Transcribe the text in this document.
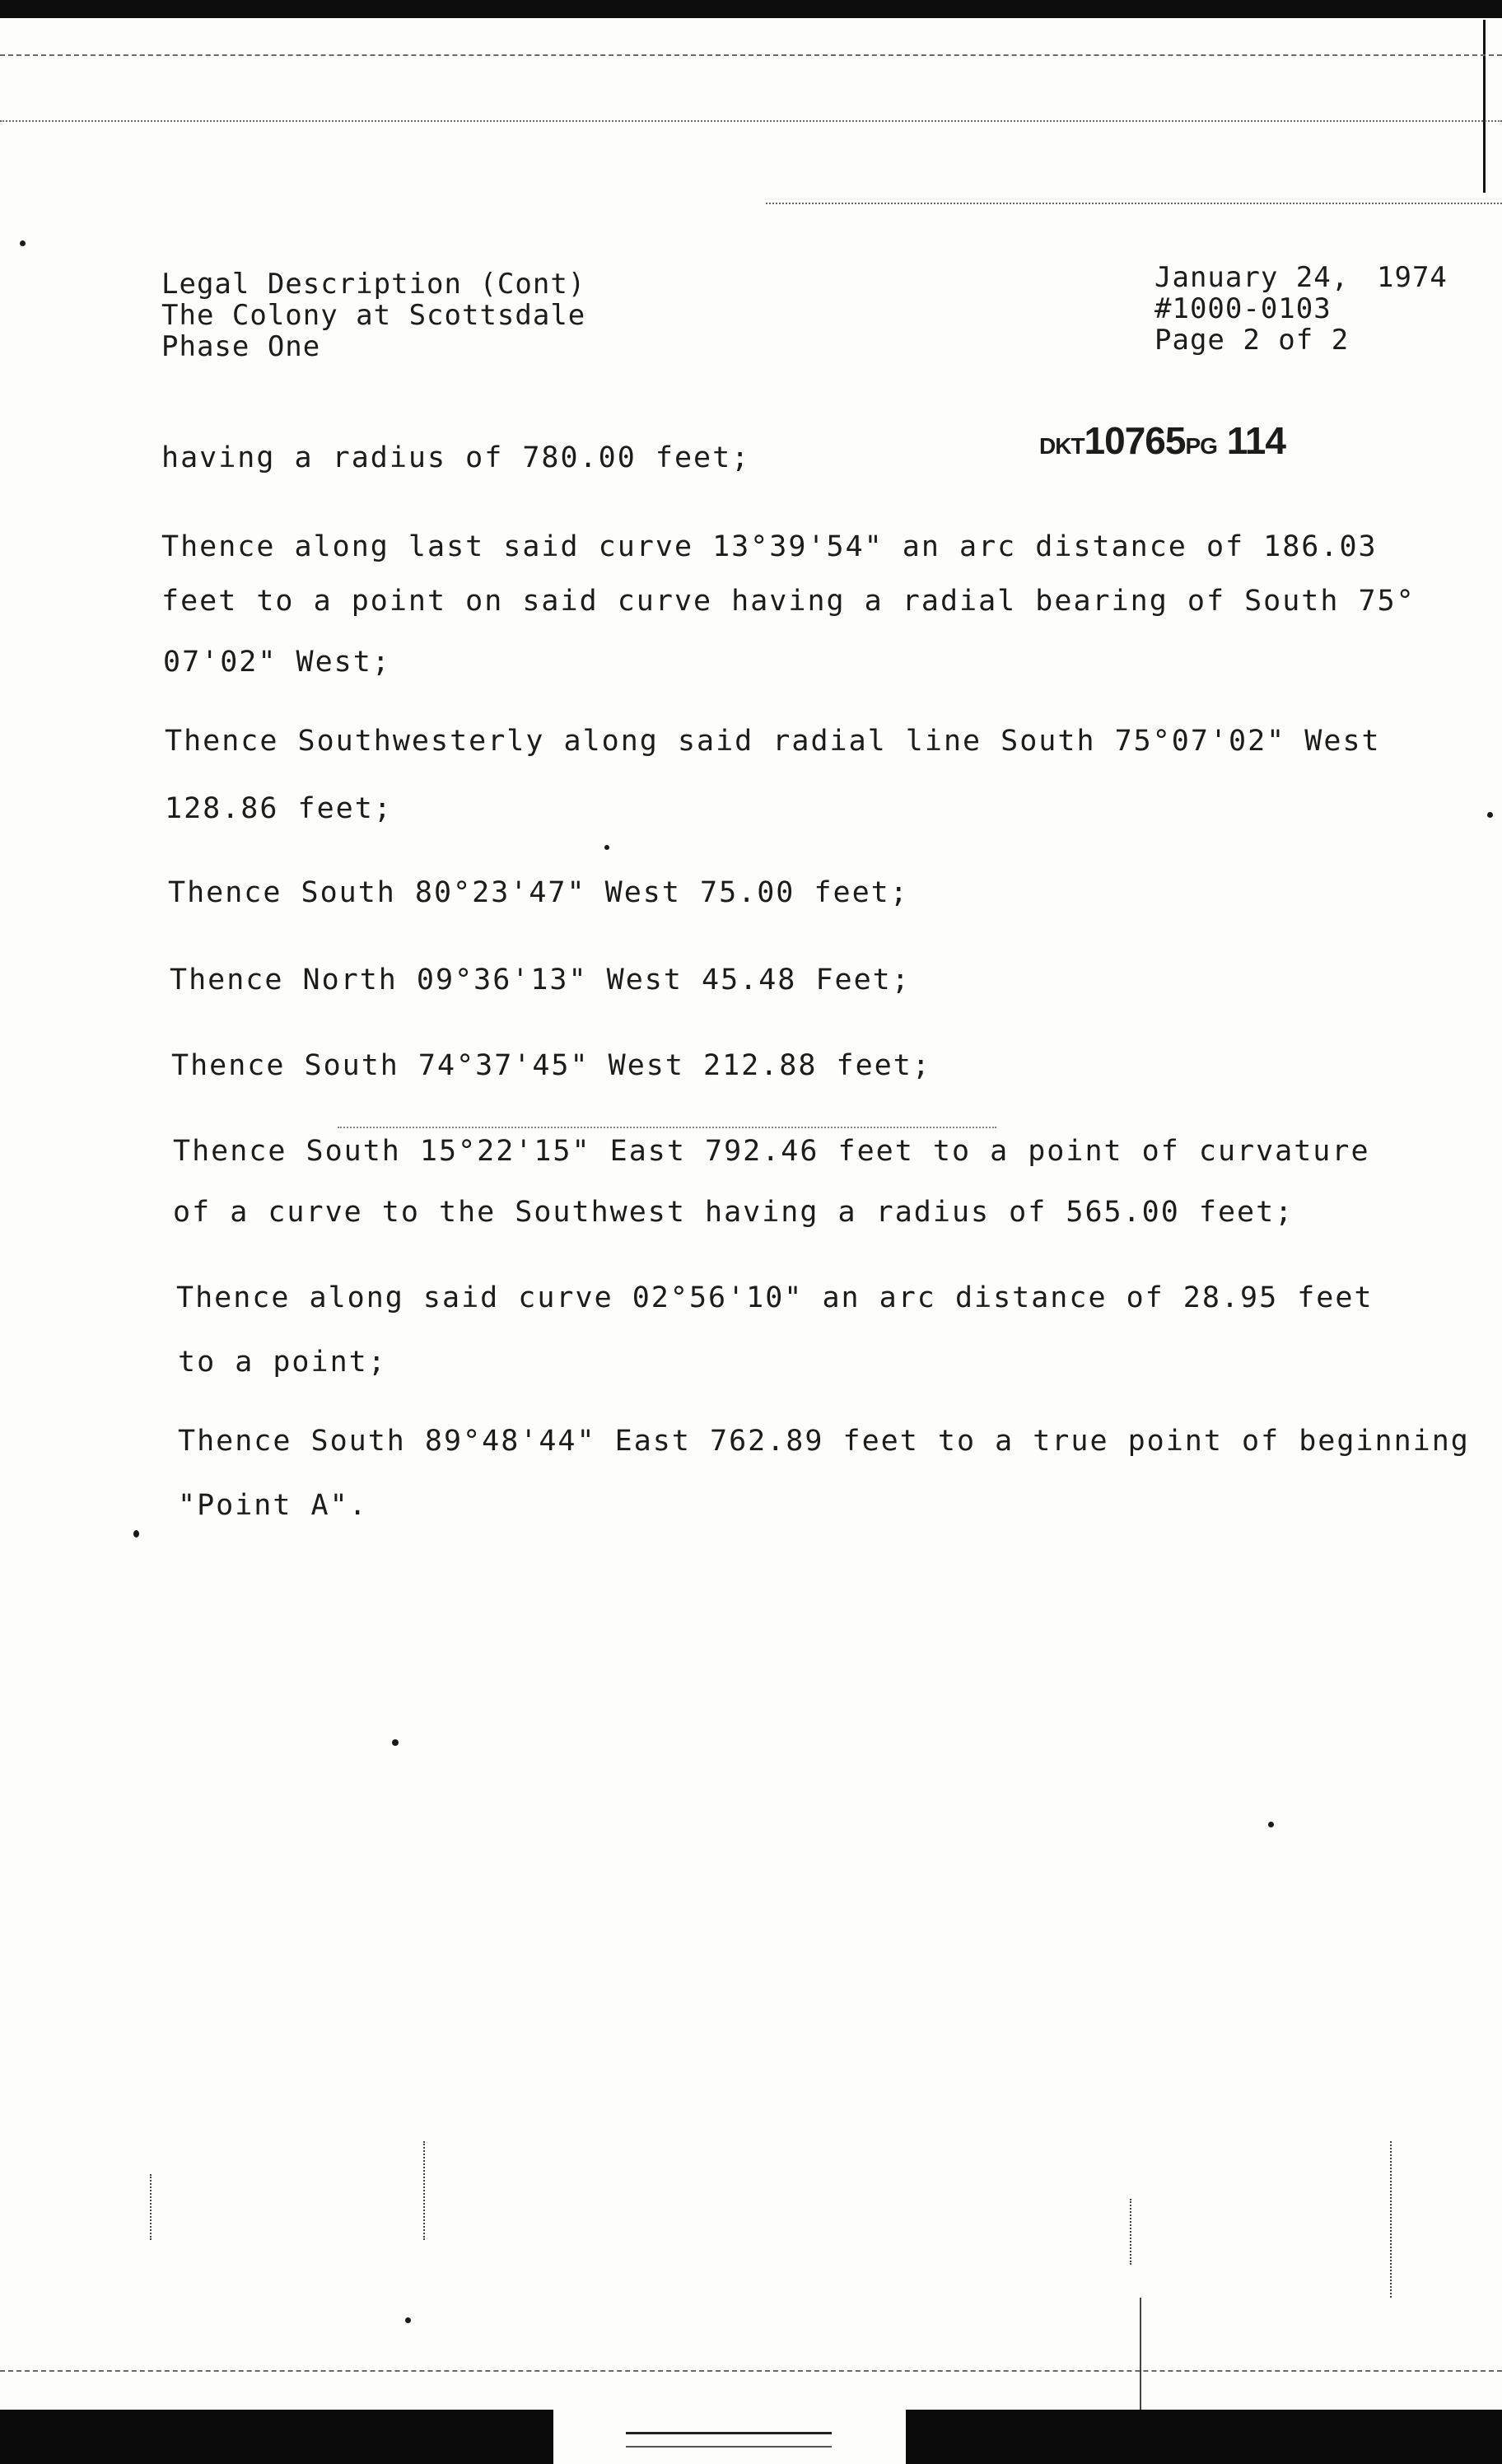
Legal Description (Cont)
The Colony at Scottsdale
Phase One
January 24, 1974
#1000-0103
Page 2 of 2
DKT10765PG 114
having a radius of 780.00 feet;
Thence along last said curve 13°39'54" an arc distance of 186.03
feet to a point on said curve having a radial bearing of South 75°
07'02" West;
Thence Southwesterly along said radial line South 75°07'02" West
128.86 feet;
Thence South 80°23'47" West 75.00 feet;
Thence North 09°36'13" West 45.48 Feet;
Thence South 74°37'45" West 212.88 feet;
Thence South 15°22'15" East 792.46 feet to a point of curvature
of a curve to the Southwest having a radius of 565.00 feet;
Thence along said curve 02°56'10" an arc distance of 28.95 feet
to a point;
Thence South 89°48'44" East 762.89 feet to a true point of beginning
"Point A".
